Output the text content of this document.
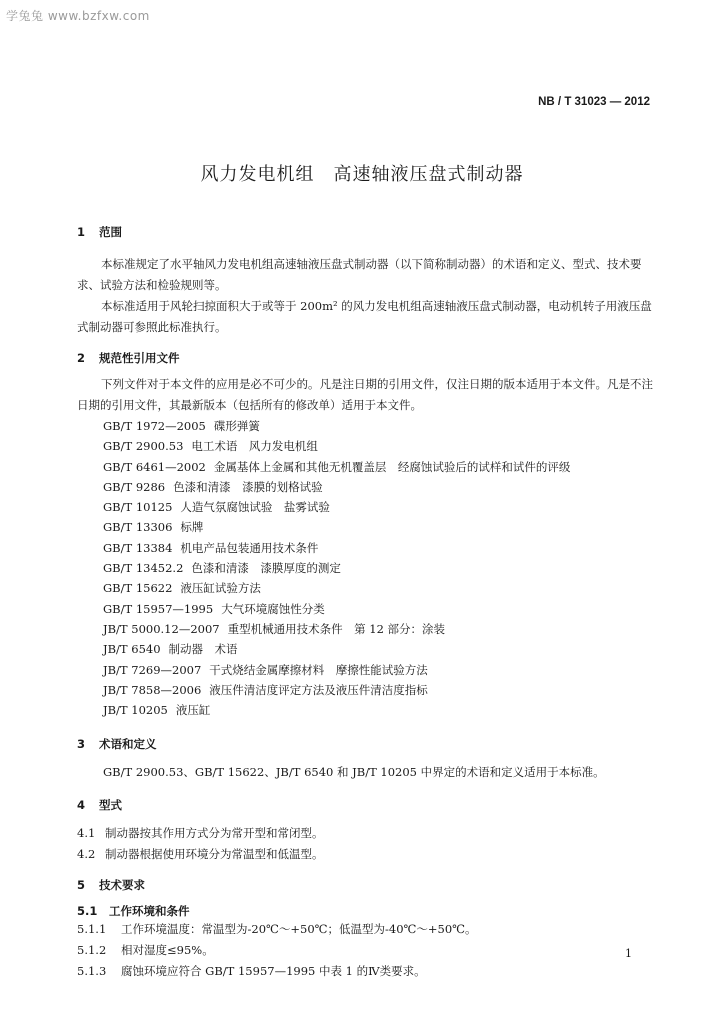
学兔兔 www.bzfxw.com
NB / T 31023 — 2012
风力发电机组　高速轴液压盘式制动器
1 范围

本标准规定了水平轴风力发电机组高速轴液压盘式制动器（以下简称制动器）的术语和定义、型式、技术要求、试验方法和检验规则等。

本标准适用于风轮扫掠面积大于或等于 200m² 的风力发电机组高速轴液压盘式制动器，电动机转子用液压盘式制动器可参照此标准执行。

2 规范性引用文件

下列文件对于本文件的应用是必不可少的。凡是注日期的引用文件，仅注日期的版本适用于本文件。凡是不注日期的引用文件，其最新版本（包括所有的修改单）适用于本文件。

GB/T 1972—2005 碟形弹簧
GB/T 2900.53 电工术语　风力发电机组
GB/T 6461—2002 金属基体上金属和其他无机覆盖层　经腐蚀试验后的试样和试件的评级
GB/T 9286 色漆和清漆　漆膜的划格试验
GB/T 10125 人造气氛腐蚀试验　盐雾试验
GB/T 13306 标牌
GB/T 13384 机电产品包装通用技术条件
GB/T 13452.2 色漆和清漆　漆膜厚度的测定
GB/T 15622 液压缸试验方法
GB/T 15957—1995 大气环境腐蚀性分类
JB/T 5000.12—2007 重型机械通用技术条件　第 12 部分：涂装
JB/T 6540 制动器　术语
JB/T 7269—2007 干式烧结金属摩擦材料　摩擦性能试验方法
JB/T 7858—2006 液压件清洁度评定方法及液压件清洁度指标
JB/T 10205 液压缸
3 术语和定义

GB/T 2900.53、GB/T 15622、JB/T 6540 和 JB/T 10205 中界定的术语和定义适用于本标准。

4 型式
4.1 制动器按其作用方式分为常开型和常闭型。
4.2 制动器根据使用环境分为常温型和低温型。
5 技术要求
5.1 工作环境和条件
5.1.1 工作环境温度：常温型为-20℃～+50℃；低温型为-40℃～+50℃。
5.1.2 相对湿度≤95%。
5.1.3 腐蚀环境应符合 GB/T 15957—1995 中表 1 的Ⅳ类要求。
1
